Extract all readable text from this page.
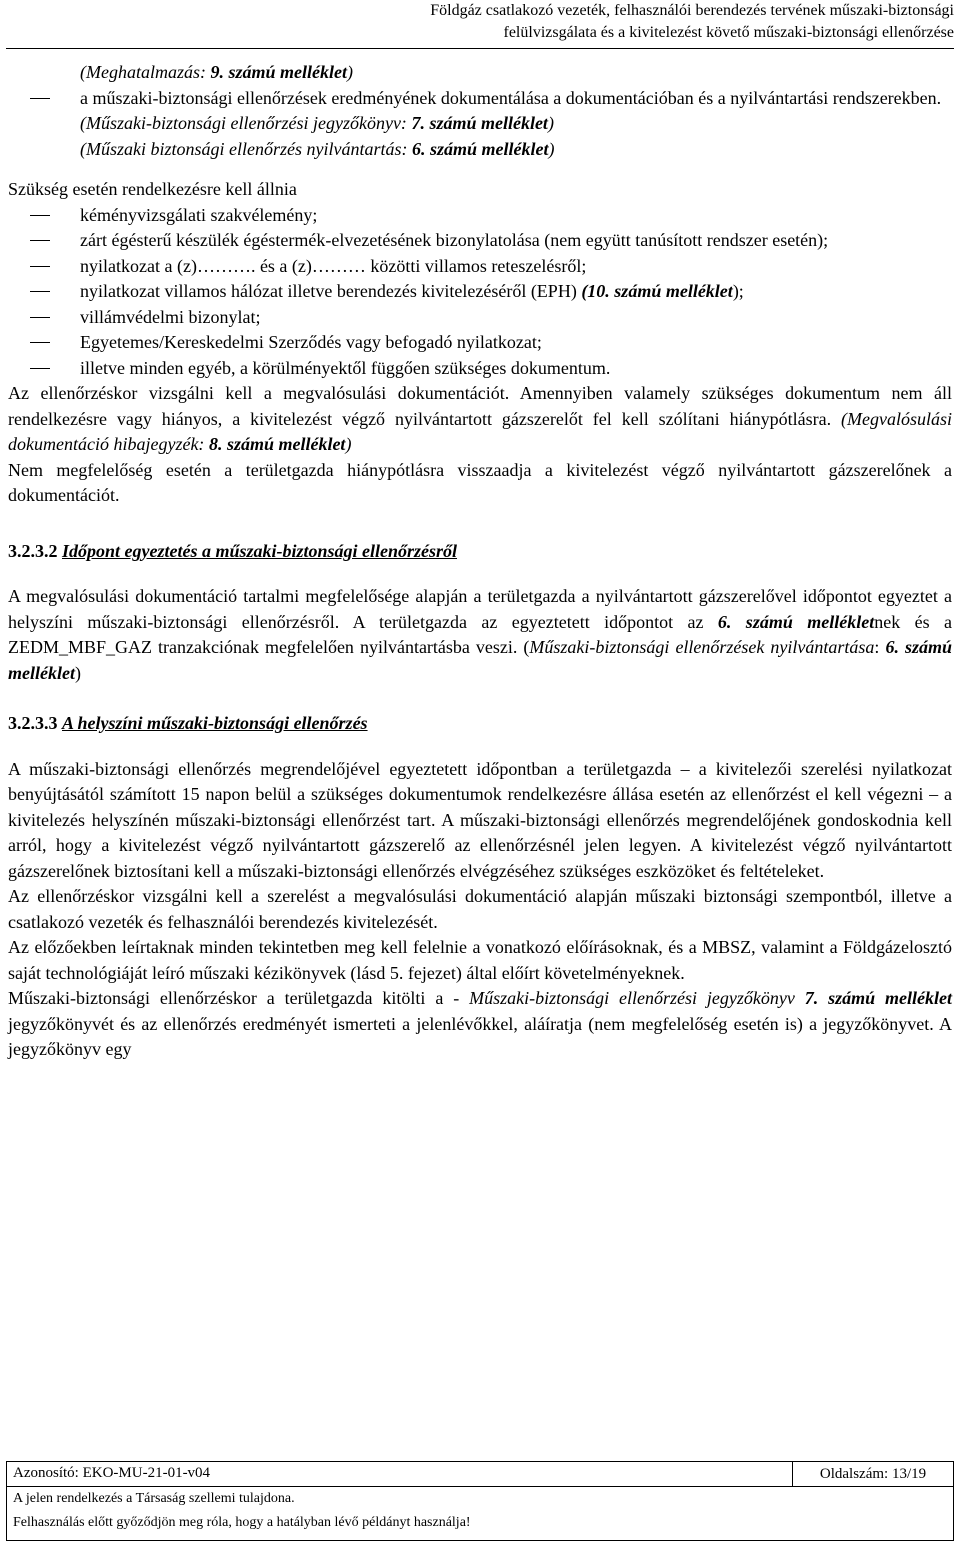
Földgáz csatlakozó vezeték, felhasználói berendezés tervének műszaki-biztonsági
felülvizsgálata és a kivitelezést követő műszaki-biztonsági ellenőrzése

(Meghatalmazás: 9. számú melléklet)

a műszaki-biztonsági ellenőrzések eredményének dokumentálása a dokumentációban és a nyilvántartási rendszerekben.

(Műszaki-biztonsági ellenőrzési jegyzőkönyv: 7. számú melléklet)

(Műszaki biztonsági ellenőrzés nyilvántartás: 6. számú melléklet)

Szükség esetén rendelkezésre kell állnia

kéményvizsgálati szakvélemény;

zárt égésterű készülék égéstermék-elvezetésének bizonylatolása (nem együtt tanúsított rendszer esetén);

nyilatkozat a (z)………. és a (z)……… közötti villamos reteszelésről;

nyilatkozat villamos hálózat illetve berendezés kivitelezéséről (EPH) (10. számú melléklet);

villámvédelmi bizonylat;

Egyetemes/Kereskedelmi Szerződés vagy befogadó nyilatkozat;

illetve minden egyéb, a körülményektől függően szükséges dokumentum.

Az ellenőrzéskor vizsgálni kell a megvalósulási dokumentációt. Amennyiben valamely szükséges dokumentum nem áll rendelkezésre vagy hiányos, a kivitelezést végző nyilvántartott gázszerelőt fel kell szólítani hiánypótlásra. (Megvalósulási dokumentáció hibajegyzék: 8. számú melléklet)

Nem megfelelőség esetén a területgazda hiánypótlásra visszaadja a kivitelezést végző nyilvántartott gázszerelőnek a dokumentációt.

3.2.3.2 Időpont egyeztetés a műszaki-biztonsági ellenőrzésről

A megvalósulási dokumentáció tartalmi megfelelősége alapján a területgazda a nyilvántartott gázszerelővel időpontot egyeztet a helyszíni műszaki-biztonsági ellenőrzésről. A területgazda az egyeztetett időpontot az 6. számú mellékletnek és a ZEDM_MBF_GAZ tranzakciónak megfelelően nyilvántartásba veszi. (Műszaki-biztonsági ellenőrzések nyilvántartása: 6. számú melléklet)

3.2.3.3 A helyszíni műszaki-biztonsági ellenőrzés

A műszaki-biztonsági ellenőrzés megrendelőjével egyeztetett időpontban a területgazda – a kivitelezői szerelési nyilatkozat benyújtásától számított 15 napon belül a szükséges dokumentumok rendelkezésre állása esetén az ellenőrzést el kell végezni – a kivitelezés helyszínén műszaki-biztonsági ellenőrzést tart. A műszaki-biztonsági ellenőrzés megrendelőjének gondoskodnia kell arról, hogy a kivitelezést végző nyilvántartott gázszerelő az ellenőrzésnél jelen legyen. A kivitelezést végző nyilvántartott gázszerelőnek biztosítani kell a műszaki-biztonsági ellenőrzés elvégzéséhez szükséges eszközöket és feltételeket.

Az ellenőrzéskor vizsgálni kell a szerelést a megvalósulási dokumentáció alapján műszaki biztonsági szempontból, illetve a csatlakozó vezeték és felhasználói berendezés kivitelezését.

Az előzőekben leírtaknak minden tekintetben meg kell felelnie a vonatkozó előírásoknak, és a MBSZ, valamint a Földgázelosztó saját technológiáját leíró műszaki kézikönyvek (lásd 5. fejezet) által előírt követelményeknek.

Műszaki-biztonsági ellenőrzéskor a területgazda kitölti a - Műszaki-biztonsági ellenőrzési jegyzőkönyv 7. számú melléklet jegyzőkönyvét és az ellenőrzés eredményét ismerteti a jelenlévőkkel, aláíratja (nem megfelelőség esetén is) a jegyzőkönyvet. A jegyzőkönyv egy

Azonosító: EKO-MU-21-01-v04	Oldalszám: 13/19
A jelen rendelkezés a Társaság szellemi tulajdona.
Felhasználás előtt győződjön meg róla, hogy a hatályban lévő példányt használja!
